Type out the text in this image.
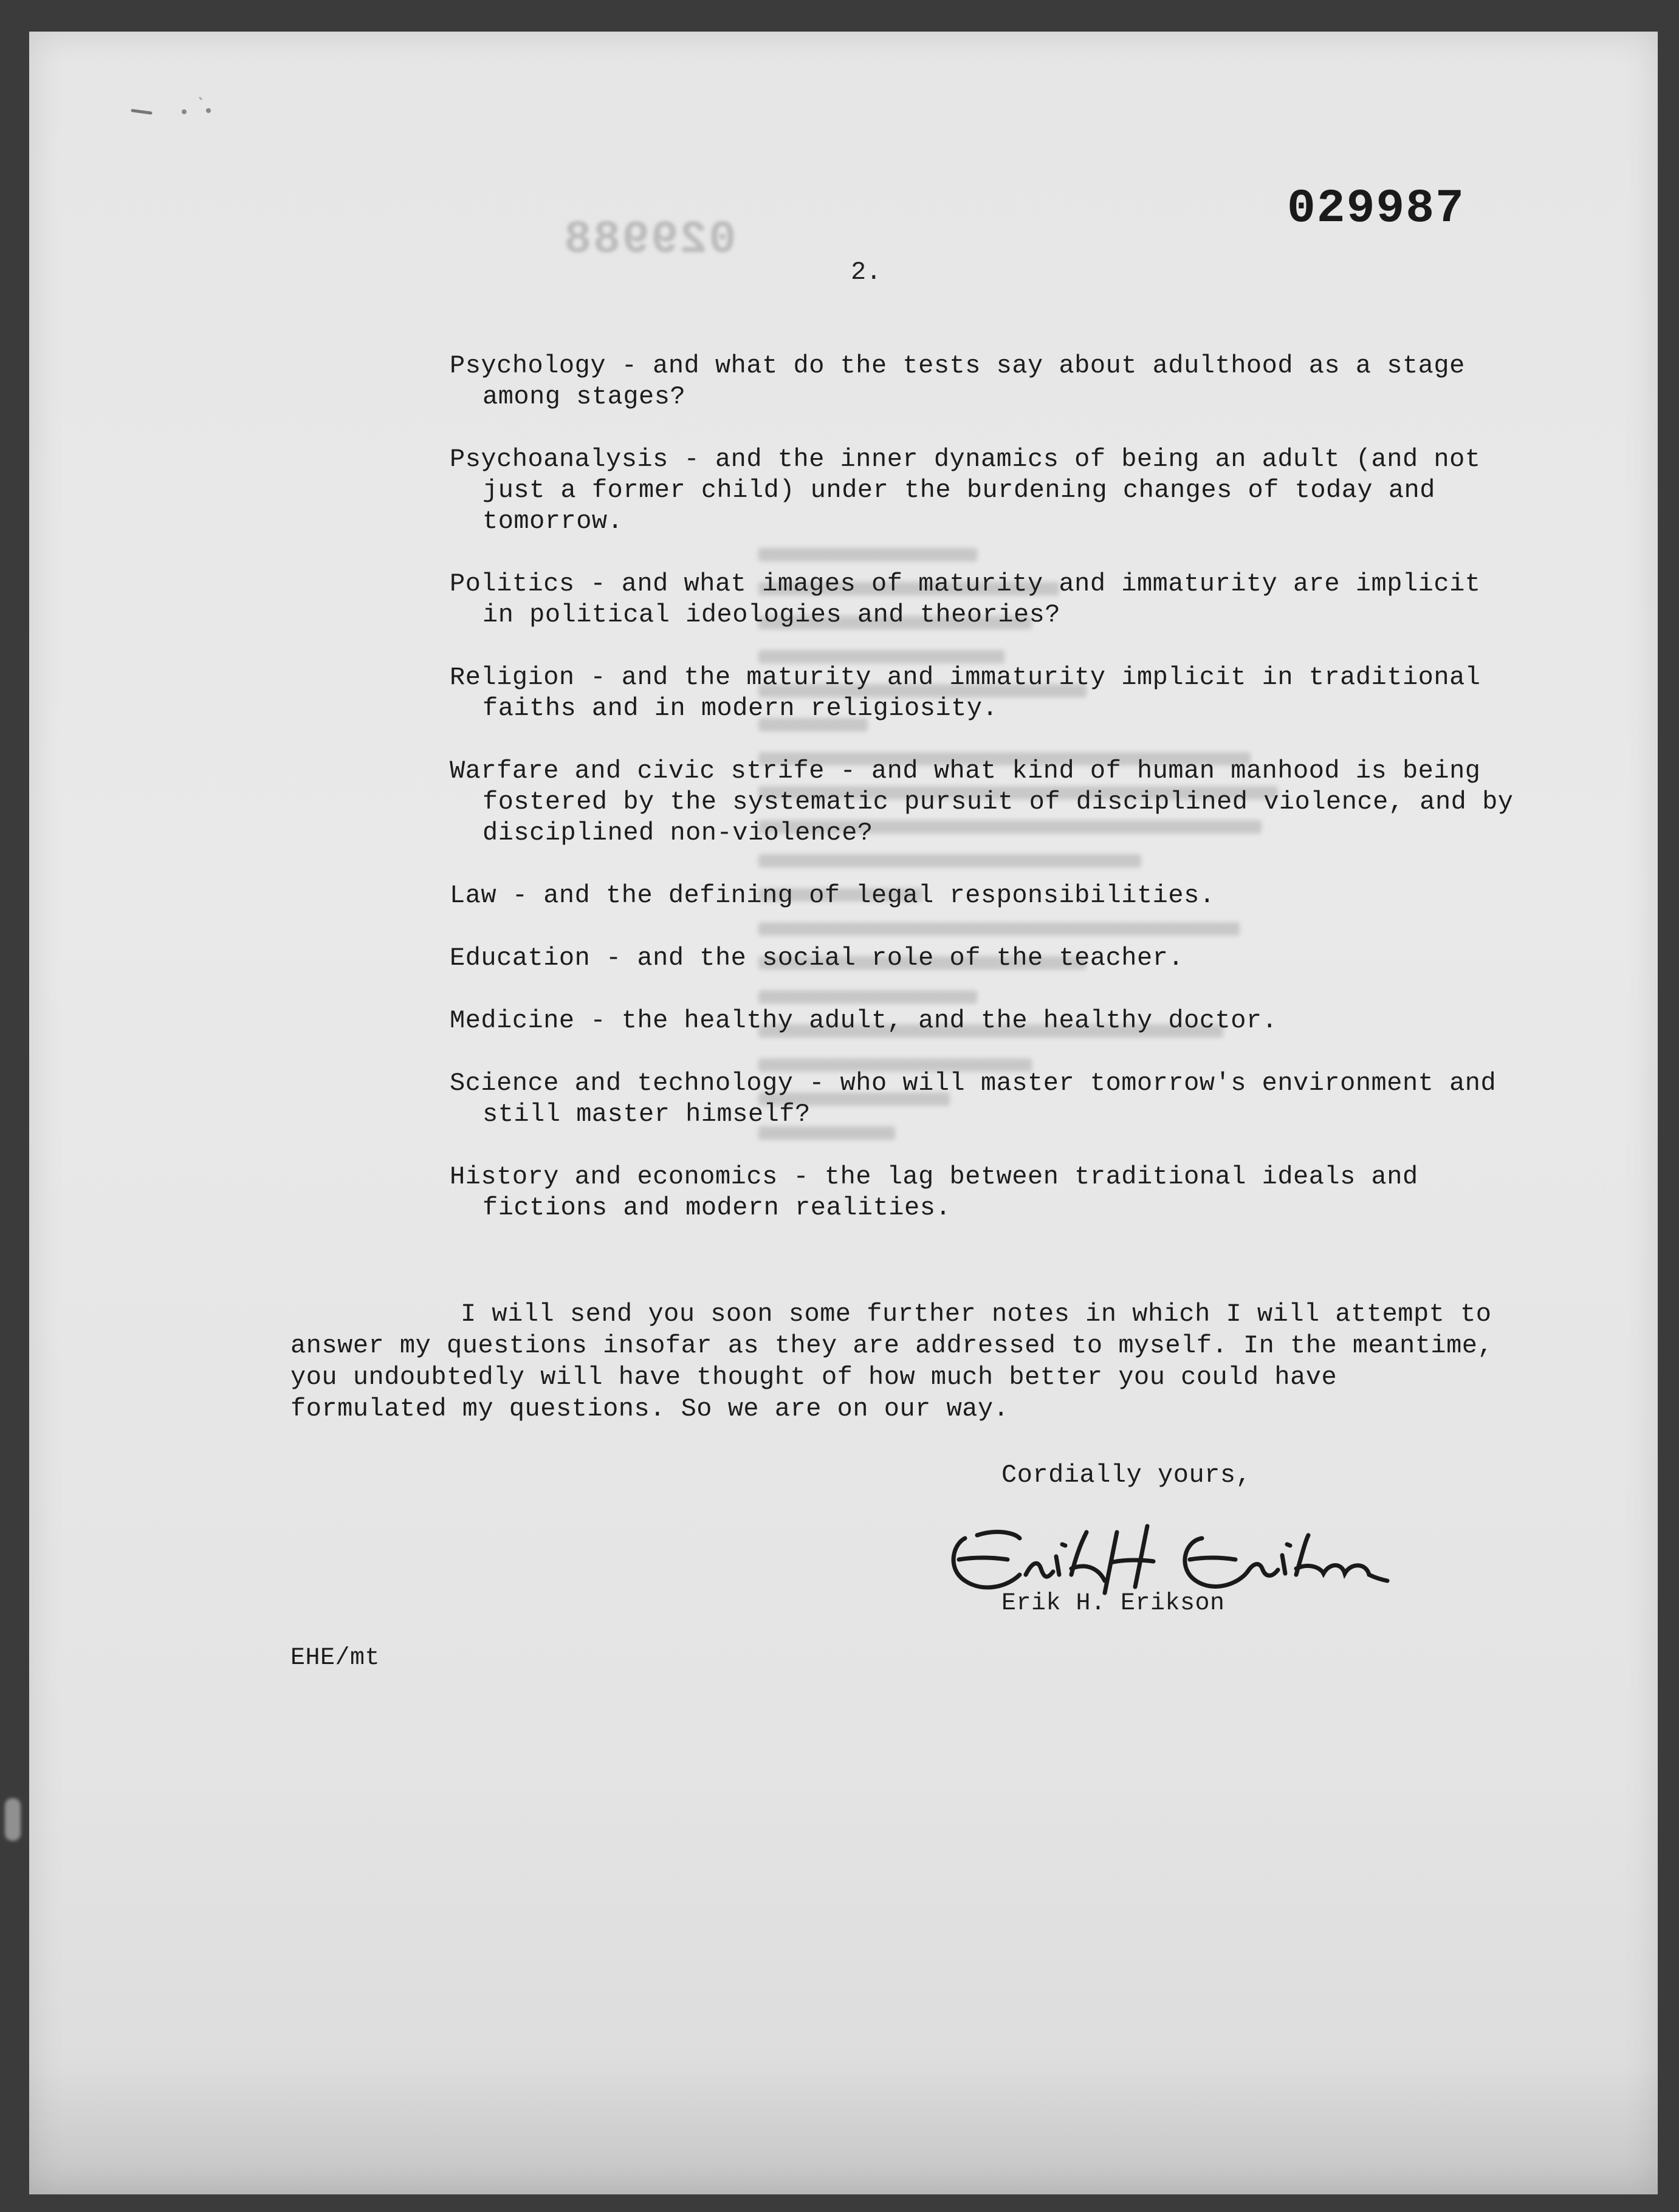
029988
029987
2.
Psychology - and what do the tests say about adulthood as a stage among stages?
Psychoanalysis - and the inner dynamics of being an adult (and not just a former child) under the burdening changes of today and tomorrow.
Politics - and what images of maturity and immaturity are implicit in political ideologies and theories?
Religion - and the maturity and immaturity implicit in traditional faiths and in modern religiosity.
Warfare and civic strife - and what kind of human manhood is being fostered by the systematic pursuit of disciplined violence, and by disciplined non-violence?
Law - and the defining of legal responsibilities.
Education - and the social role of the teacher.
Medicine - the healthy adult, and the healthy doctor.
Science and technology - who will master tomorrow's environment and still master himself?
History and economics - the lag between traditional ideals and fictions and modern realities.

I will send you soon some further notes in which I will attempt to answer my questions insofar as they are addressed to myself. In the meantime, you undoubtedly will have thought of how much better you could have formulated my questions. So we are on our way.

Cordially yours,
Erik H. Erikson
EHE/mt
